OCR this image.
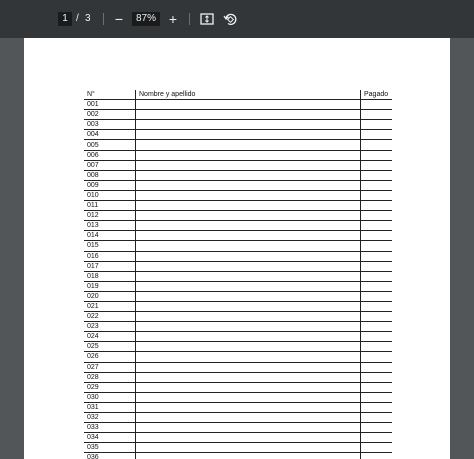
1 / 3 −	87% +
N°	Nombre y apellido	Pagado
001		
002		
003		
004		
005		
006		
007		
008		
009		
010		
011		
012		
013		
014		
015		
016		
017		
018		
019		
020		
021		
022		
023		
024		
025		
026		
027		
028		
029		
030		
031		
032		
033		
034		
035		
036		
